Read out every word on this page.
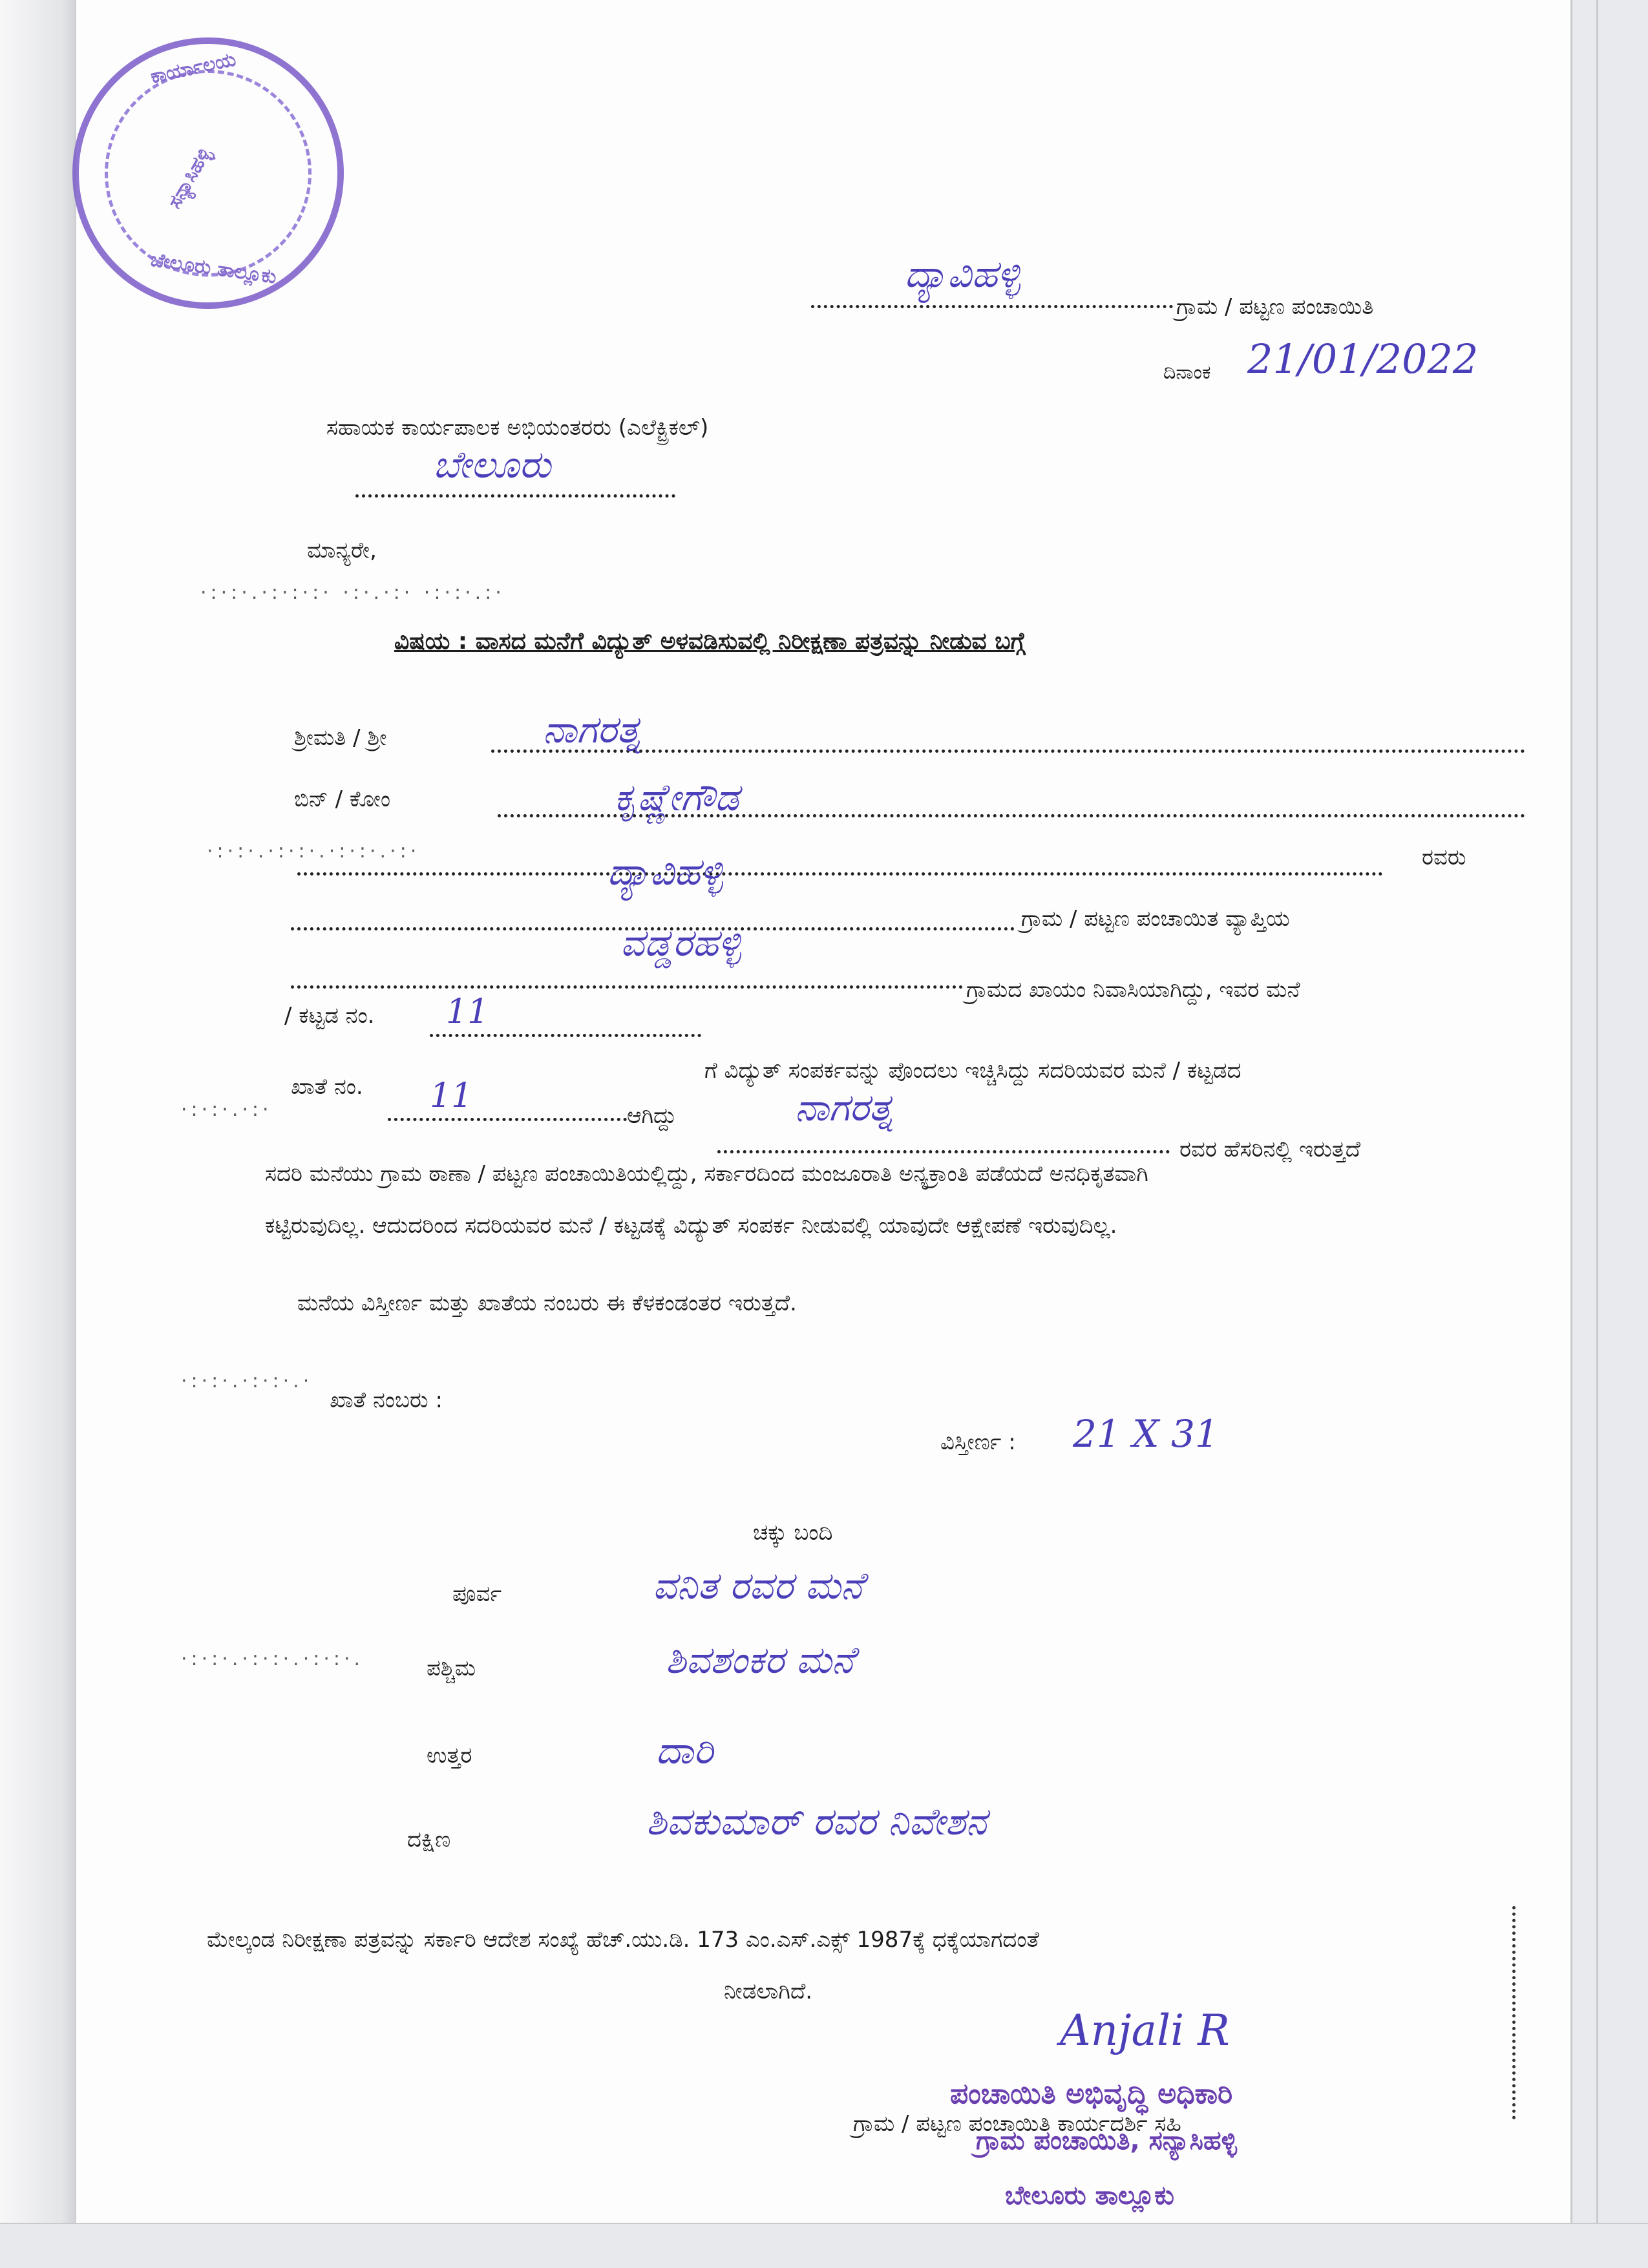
ಕಾರ್ಯಾಲಯ
ಸನ್ಯಾಸಿಹಳ್ಳಿ
ಬೇಲೂರು ತಾಲ್ಲೂಕು	ದ್ಯಾವಿಹಳ್ಳಿ
ಗ್ರಾಮ / ಪಟ್ಟಣ ಪಂಚಾಯಿತಿ
ದಿನಾಂಕ 21/01/2022
ಸಹಾಯಕ ಕಾರ್ಯಪಾಲಕ ಅಭಿಯಂತರರು (ಎಲೆಕ್ಟ್ರಿಕಲ್)
ಬೇಲೂರು
ಮಾನ್ಯರೇ,
·:·:·.·:·:·:· ·:·.·:· ·:·:·.:·
ವಿಷಯ : ವಾಸದ ಮನೆಗೆ ವಿದ್ಯುತ್ ಅಳವಡಿಸುವಲ್ಲಿ ನಿರೀಕ್ಷಣಾ ಪತ್ರವನ್ನು ನೀಡುವ ಬಗ್ಗೆ
ಶ್ರೀಮತಿ / ಶ್ರೀ	ನಾಗರತ್ನ
ಬಿನ್ / ಕೋಂ	ಕೃಷ್ಣೇಗೌಡ
·:·:·.·:·:·.·:·:·.·:·	ರವರು
ದ್ಯಾವಿಹಳ್ಳಿ
ಗ್ರಾಮ / ಪಟ್ಟಣ ಪಂಚಾಯಿತ ವ್ಯಾಪ್ತಿಯ
ವಡ್ಡರಹಳ್ಳಿ
ಗ್ರಾಮದ ಖಾಯಂ ನಿವಾಸಿಯಾಗಿದ್ದು, ಇವರ ಮನೆ
/ ಕಟ್ಟಡ ನಂ. 11
ಗೆ ವಿದ್ಯುತ್ ಸಂಪರ್ಕವನ್ನು ಪೊಂದಲು ಇಚ್ಚಿಸಿದ್ದು ಸದರಿಯವರ ಮನೆ / ಕಟ್ಟಡದ
·:·:·.·:·
ಖಾತೆ ನಂ. 11
ಆಗಿದ್ದು	ನಾಗರತ್ನ
ರವರ ಹೆಸರಿನಲ್ಲಿ ಇರುತ್ತದೆ
ಸದರಿ ಮನೆಯು ಗ್ರಾಮ ಠಾಣಾ / ಪಟ್ಟಣ ಪಂಚಾಯಿತಿಯಲ್ಲಿದ್ದು, ಸರ್ಕಾರದಿಂದ ಮಂಜೂರಾತಿ ಅನ್ಯಕ್ರಾಂತಿ ಪಡೆಯದೆ ಅನಧಿಕೃತವಾಗಿ
ಕಟ್ಟಿರುವುದಿಲ್ಲ. ಆದುದರಿಂದ ಸದರಿಯವರ ಮನೆ / ಕಟ್ಟಡಕ್ಕೆ ವಿದ್ಯುತ್ ಸಂಪರ್ಕ ನೀಡುವಲ್ಲಿ ಯಾವುದೇ ಆಕ್ಷೇಪಣೆ ಇರುವುದಿಲ್ಲ.
ಮನೆಯ ವಿಸ್ತೀರ್ಣ ಮತ್ತು ಖಾತೆಯ ನಂಬರು ಈ ಕೆಳಕಂಡಂತರ ಇರುತ್ತದೆ.
·:·:·.·:·:·.·
ಖಾತೆ ನಂಬರು :
ವಿಸ್ತೀರ್ಣ : 21 X 31
ಚಕ್ಕು ಬಂದಿ
ಪೂರ್ವ	ವನಿತ ರವರ ಮನೆ
·:·:·.·:·:·.·:·:·.	ಪಶ್ಚಿಮ	ಶಿವಶಂಕರ ಮನೆ
ಉತ್ತರ	ದಾರಿ
ದಕ್ಷಿಣ	ಶಿವಕುಮಾರ್ ರವರ ನಿವೇಶನ
ಮೇಲ್ಕಂಡ ನಿರೀಕ್ಷಣಾ ಪತ್ರವನ್ನು ಸರ್ಕಾರಿ ಆದೇಶ ಸಂಖ್ಯೆ ಹೆಚ್.ಯು.ಡಿ. 173 ಎಂ.ಎಸ್.ಎಕ್ಸ್ 1987ಕ್ಕೆ ಧಕ್ಕೆಯಾಗದಂತೆ
ನೀಡಲಾಗಿದೆ.
Anjali R
ಪಂಚಾಯಿತಿ ಅಭಿವೃದ್ಧಿ ಅಧಿಕಾರಿ
ಗ್ರಾಮ / ಪಟ್ಟಣ ಪಂಚಾಯಿತಿ ಕಾರ್ಯದರ್ಶಿ ಸಹಿ
ಗ್ರಾಮ ಪಂಚಾಯಿತಿ, ಸನ್ಯಾಸಿಹಳ್ಳಿ
ಬೇಲೂರು ತಾಲ್ಲೂಕು
